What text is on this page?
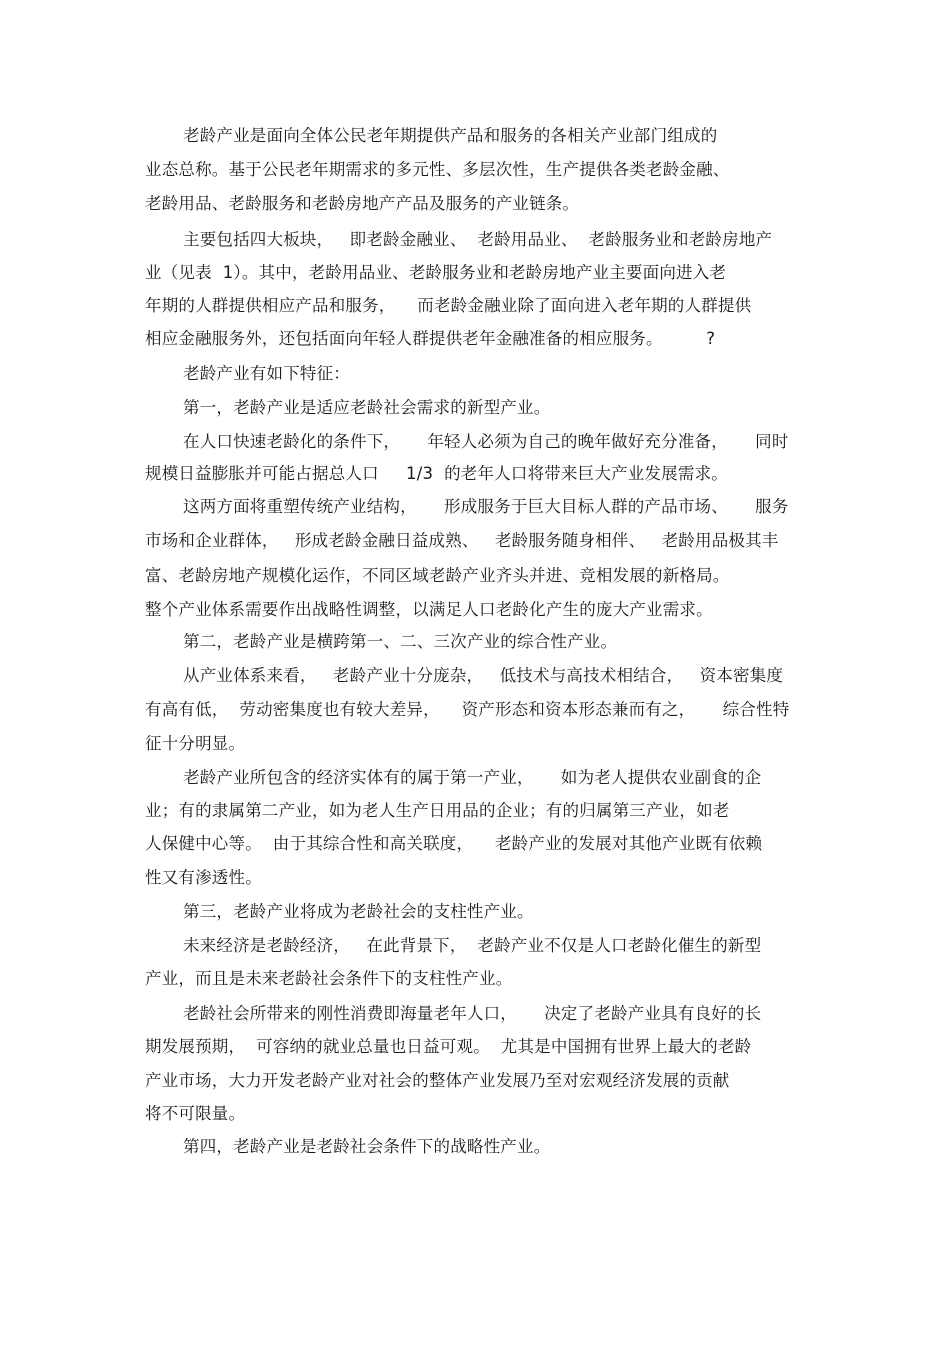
老龄产业是面向全体公民老年期提供产品和服务的各相关产业部门组成的
业态总称。基于公民老年期需求的多元性、多层次性，生产提供各类老龄金融、
老龄用品、老龄服务和老龄房地产产品及服务的产业链条。
主要包括四大板块，   即老龄金融业、  老龄用品业、  老龄服务业和老龄房地产
业（见表  1）。其中，老龄用品业、老龄服务业和老龄房地产业主要面向进入老
年期的人群提供相应产品和服务，    而老龄金融业除了面向进入老年期的人群提供
相应金融服务外，还包括面向年轻人群提供老年金融准备的相应服务。        ?
老龄产业有如下特征：
第一，老龄产业是适应老龄社会需求的新型产业。
在人口快速老龄化的条件下，     年轻人必须为自己的晚年做好充分准备，     同时
规模日益膨胀并可能占据总人口     1/3  的老年人口将带来巨大产业发展需求。
这两方面将重塑传统产业结构，     形成服务于巨大目标人群的产品市场、     服务
市场和企业群体，   形成老龄金融日益成熟、   老龄服务随身相伴、   老龄用品极其丰
富、老龄房地产规模化运作，不同区域老龄产业齐头并进、竞相发展的新格局。
整个产业体系需要作出战略性调整，以满足人口老龄化产生的庞大产业需求。
第二，老龄产业是横跨第一、二、三次产业的综合性产业。
从产业体系来看，   老龄产业十分庞杂，   低技术与高技术相结合，   资本密集度
有高有低，  劳动密集度也有较大差异，    资产形态和资本形态兼而有之，     综合性特
征十分明显。
老龄产业所包含的经济实体有的属于第一产业，     如为老人提供农业副食的企
业；有的隶属第二产业，如为老人生产日用品的企业；有的归属第三产业，如老
人保健中心等。  由于其综合性和高关联度，    老龄产业的发展对其他产业既有依赖
性又有渗透性。
第三，老龄产业将成为老龄社会的支柱性产业。
未来经济是老龄经济，   在此背景下，  老龄产业不仅是人口老龄化催生的新型
产业，而且是未来老龄社会条件下的支柱性产业。
老龄社会所带来的刚性消费即海量老年人口，     决定了老龄产业具有良好的长
期发展预期，  可容纳的就业总量也日益可观。  尤其是中国拥有世界上最大的老龄
产业市场，大力开发老龄产业对社会的整体产业发展乃至对宏观经济发展的贡献
将不可限量。
第四，老龄产业是老龄社会条件下的战略性产业。
